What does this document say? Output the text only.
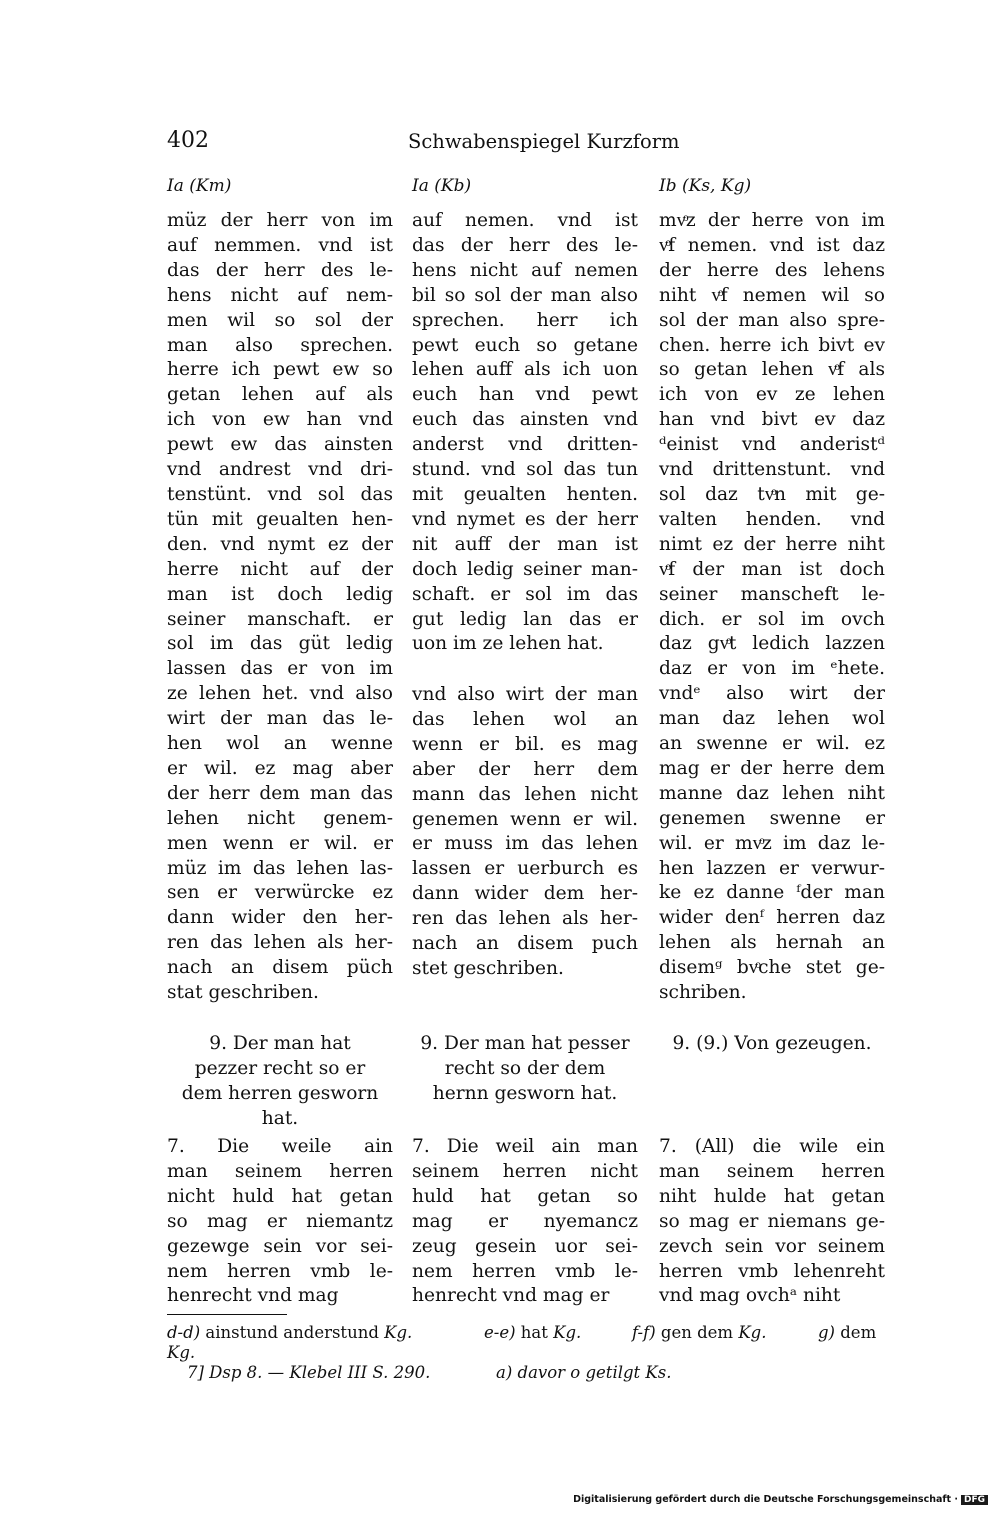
402	Schwabenspiegel Kurzform
Ia (Km)
müz der herr von im
auf nemmen. vnd ist
das der herr des le-
hens nicht auf nem-
men wil so sol der
man also sprechen.
herre ich pewt ew so
getan lehen auf als
ich von ew han vnd
pewt ew das ainsten
vnd andrest vnd dri-
tenstünt. vnd sol das
tün mit geualten hen-
den. vnd nymt ez der
herre nicht auf der
man ist doch ledig
seiner manschaft. er
sol im das güt ledig
lassen das er von im
ze lehen het. vnd also
wirt der man das le-
hen wol an wenne
er wil. ez mag aber
der herr dem man das
lehen nicht genem-
men wenn er wil. er
müz im das lehen las-
sen er verwürcke ez
dann wider den her-
ren das lehen als her-
nach an disem püch
stat geschriben.
9. Der man hat
pezzer recht so er
dem herren gesworn
hat.
7. Die weile ain
man seinem herren
nicht huld hat getan
so mag er niemantz
gezewge sein vor sei-
nem herren vmb le-
henrecht vnd mag
Ia (Kb)
auf nemen. vnd ist
das der herr des le-
hens nicht auf nemen
bil so sol der man also
sprechen. herr ich
pewt euch so getane
lehen auff als ich uon
euch han vnd pewt
euch das ainsten vnd
anderst vnd dritten-
stund. vnd sol das tun
mit geualten henten.
vnd nymet es der herr
nit auff der man ist
doch ledig seiner man-
schaft. er sol im das
gut ledig lan das er
uon im ze lehen hat.
vnd also wirt der man
das lehen wol an
wenn er bil. es mag
aber der herr dem
mann das lehen nicht
genemen wenn er wil.
er muss im das lehen
lassen er uerburch es
dann wider dem her-
ren das lehen als her-
nach an disem puch
stet geschriben.
9. Der man hat pesser
recht so der dem
hernn gesworn hat.
7. Die weil ain man
seinem herren nicht
huld hat getan so
mag er nyemancz
zeug gesein uor sei-
nem herren vmb le-
henrecht vnd mag er
Ib (Ks, Kg)
mvͦz der herre von im
vͦf nemen. vnd ist daz
der herre des lehens
niht vͦf nemen wil so
sol der man also spre-
chen. herre ich bivt ev
so getan lehen vͦf als
ich von ev ze lehen
han vnd bivt ev daz
ᵈeinist vnd anderistᵈ
vnd drittenstunt. vnd
sol daz tvͦn mit ge-
valten henden. vnd
nimt ez der herre niht
vͦf der man ist doch
seiner manscheft le-
dich. er sol im ovch
daz gvͦt ledich lazzen
daz er von im ᵉhete.
vndᵉ also wirt der
man daz lehen wol
an swenne er wil. ez
mag er der herre dem
manne daz lehen niht
genemen swenne er
wil. er mvͦz im daz le-
hen lazzen er verwur-
ke ez danne ᶠder man
wider denᶠ herren daz
lehen als hernah an
disemᵍ bvͦche stet ge-
schriben.
9. (9.) Von gezeugen.
7. (All) die wile ein
man seinem herren
niht hulde hat getan
so mag er niemans ge-
zevch sein vor seinem
herren vmb lehenreht
vnd mag ovchᵃ niht
d-d) ainstund anderstund Kg.	e-e) hat Kg.	f-f) gen dem Kg.	g) dem
Kg.
7] Dsp 8. — Klebel III S. 290.	a) davor o getilgt Ks.
Digitalisierung gefördert durch die Deutsche Forschungsgemeinschaft · DFG
